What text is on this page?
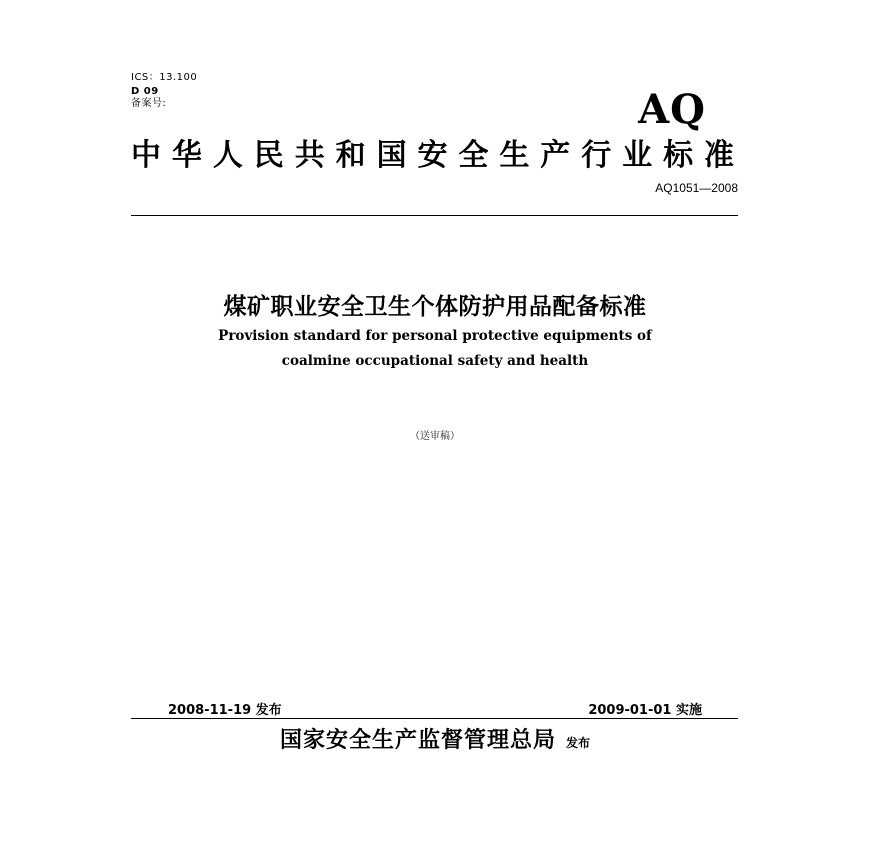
ICS：13.100
D 09
备案号:	AQ
中华人民共和国安全生产行业标准
AQ1051—2008
煤矿职业安全卫生个体防护用品配备标准
Provision standard for personal protective equipments of
coalmine occupational safety and health
（送审稿）
2008-11-19 发布	2009-01-01 实施
国家安全生产监督管理总局 发布
